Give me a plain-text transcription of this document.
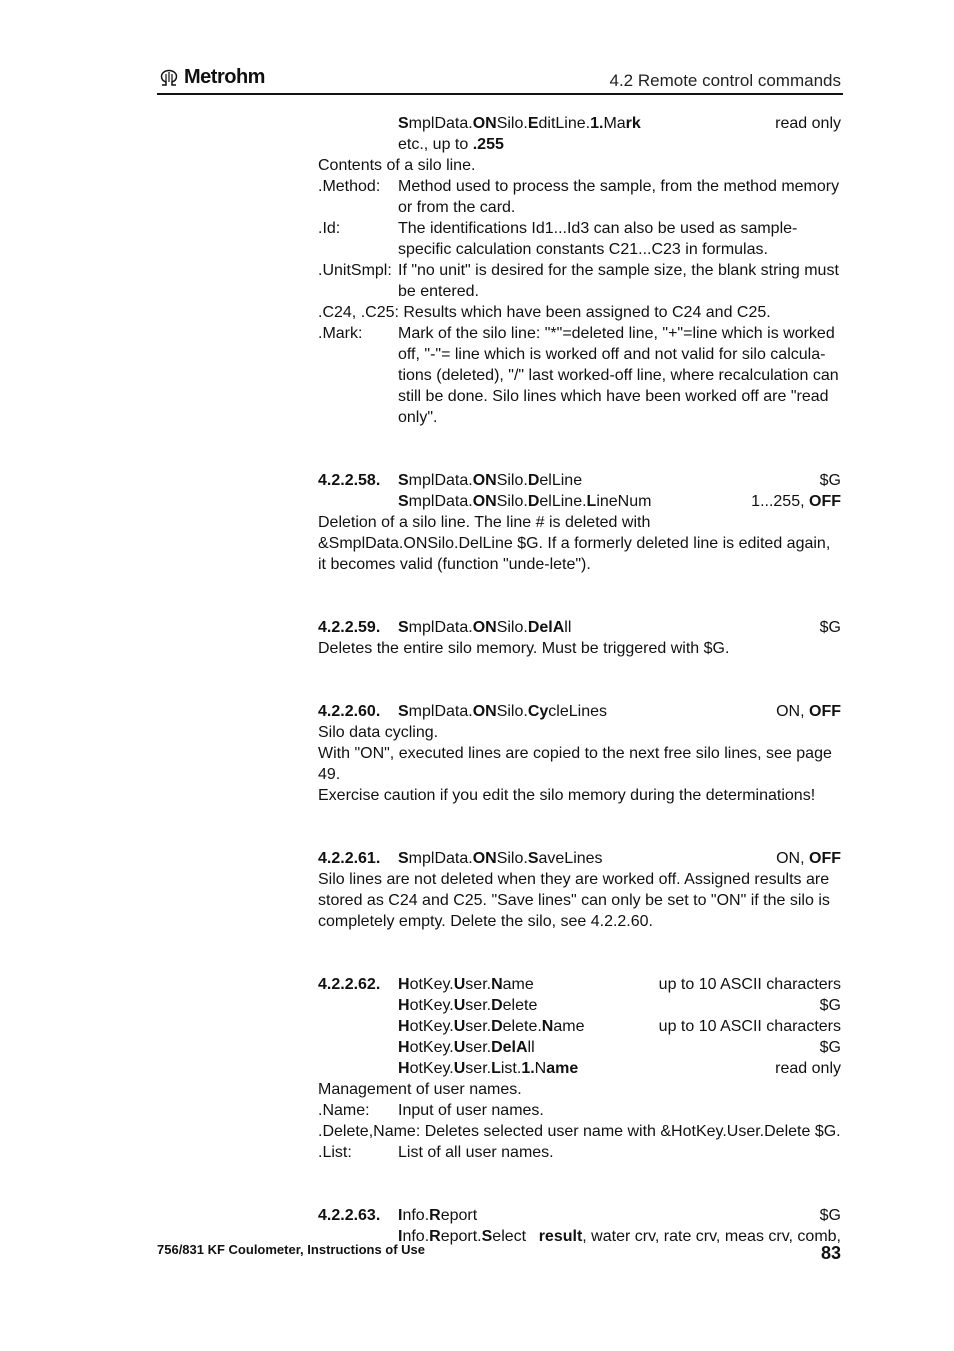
Metrohm	4.2 Remote control commands
SmplData.ONSilo.EditLine.1.Mark	read only
etc., up to .255

Contents of a silo line.

.Method: Method used to process the sample, from the method memory or from the card.
.Id:	The identifications Id1...Id3 can also be used as sample-specific calculation constants C21...C23 in formulas.
.UnitSmpl: If "no unit" is desired for the sample size, the blank string must be entered.

.C24, .C25: Results which have been assigned to C24 and C25.

.Mark: Mark of the silo line: "*"=deleted line, "+"=line which is worked off, "-"= line which is worked off and not valid for silo calcula-tions (deleted), "/" last worked-off line, where recalculation can still be done. Silo lines which have been worked off are "read only".
4.2.2.58. SmplData.ONSilo.DelLine	$G
SmplData.ONSilo.DelLine.LineNum	1...255, OFF

Deletion of a silo line. The line # is deleted with &SmplData.ONSilo.DelLine $G. If a formerly deleted line is edited again, it becomes valid (function "unde-lete").

4.2.2.59. SmplData.ONSilo.DelAll	$G

Deletes the entire silo memory. Must be triggered with $G.

4.2.2.60. SmplData.ONSilo.CycleLines	ON, OFF

Silo data cycling.

With "ON", executed lines are copied to the next free silo lines, see page 49.

Exercise caution if you edit the silo memory during the determinations!

4.2.2.61. SmplData.ONSilo.SaveLines	ON, OFF

Silo lines are not deleted when they are worked off. Assigned results are stored as C24 and C25. "Save lines" can only be set to "ON" if the silo is completely empty. Delete the silo, see 4.2.2.60.

4.2.2.62. HotKey.User.Name	up to 10 ASCII characters
HotKey.User.Delete	$G
HotKey.User.Delete.Name	up to 10 ASCII characters
HotKey.User.DelAll	$G
HotKey.User.List.1.Name	read only

Management of user names.

.Name: Input of user names.

.Delete,Name: Deletes selected user name with &HotKey.User.Delete $G.

.List:	List of all user names.
4.2.2.63. Info.Report	$G
Info.Report.Select result, water crv, rate crv, meas crv, comb,
756/831 KF Coulometer, Instructions of Use	83
